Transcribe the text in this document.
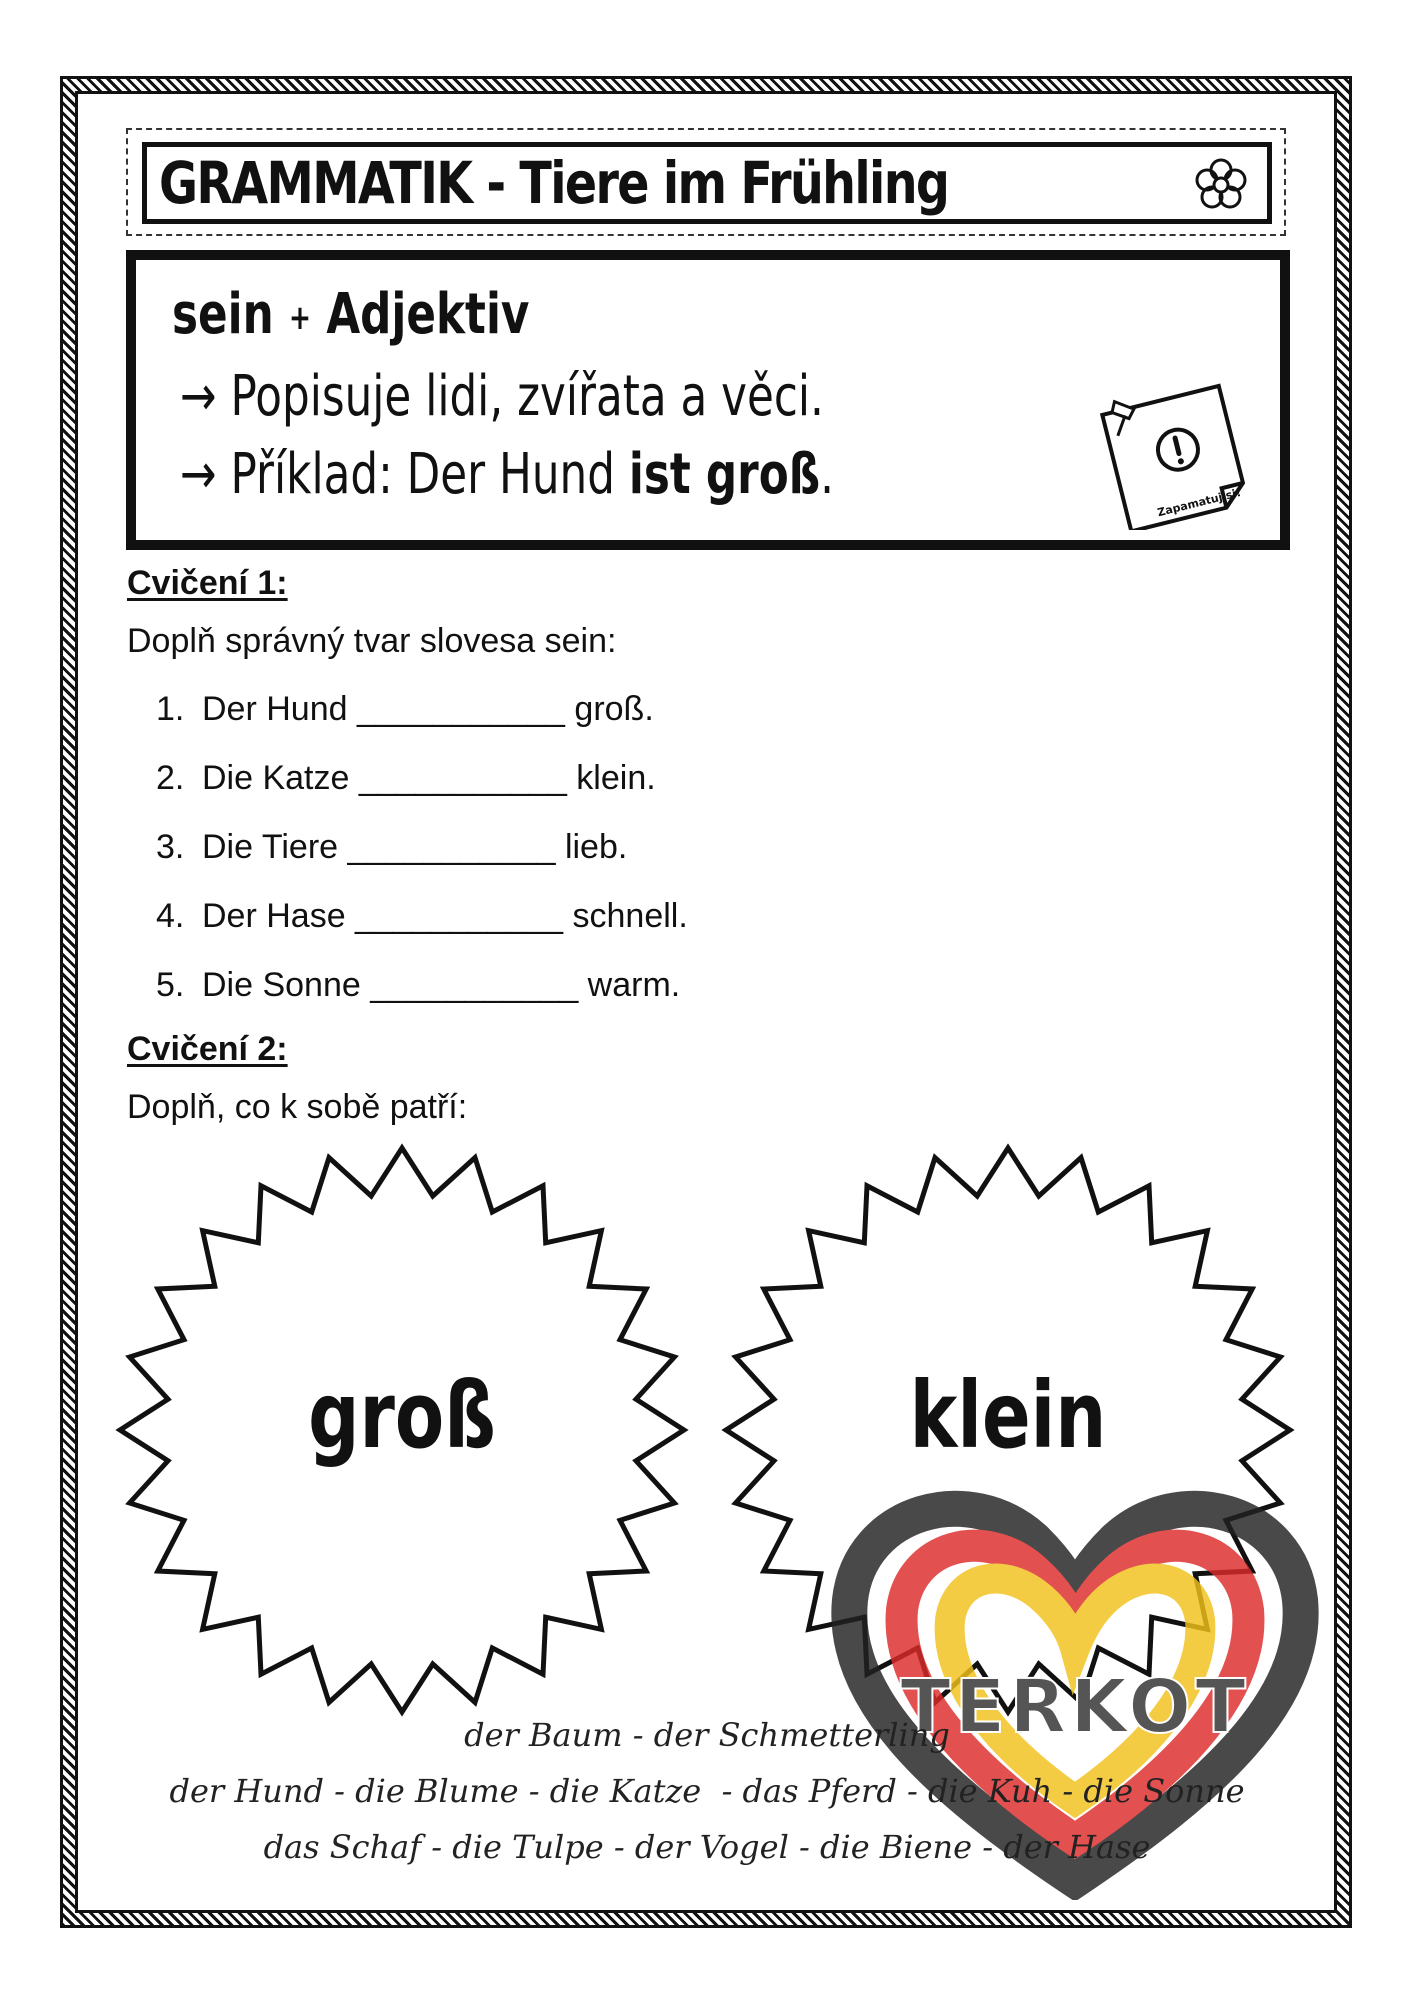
GRAMMATIK - Tiere im Frühling
sein + Adjektiv
→ Popisuje lidi, zvířata a věci.
→ Příklad: Der Hund ist groß.	Zapamatuj si!
Cvičení 1:
Doplň správný tvar slovesa sein:
1. Der Hund ___________ groß.
2. Die Katze ___________ klein.
3. Die Tiere ___________ lieb.
4. Der Hase ___________ schnell.
5. Die Sonne ___________ warm.
Cvičení 2:
Doplň, co k sobě patří:
groß	klein
TERKOT
der Baum - der Schmetterling
der Hund - die Blume - die Katze  - das Pferd - die Kuh - die Sonne
das Schaf - die Tulpe - der Vogel - die Biene - der Hase
